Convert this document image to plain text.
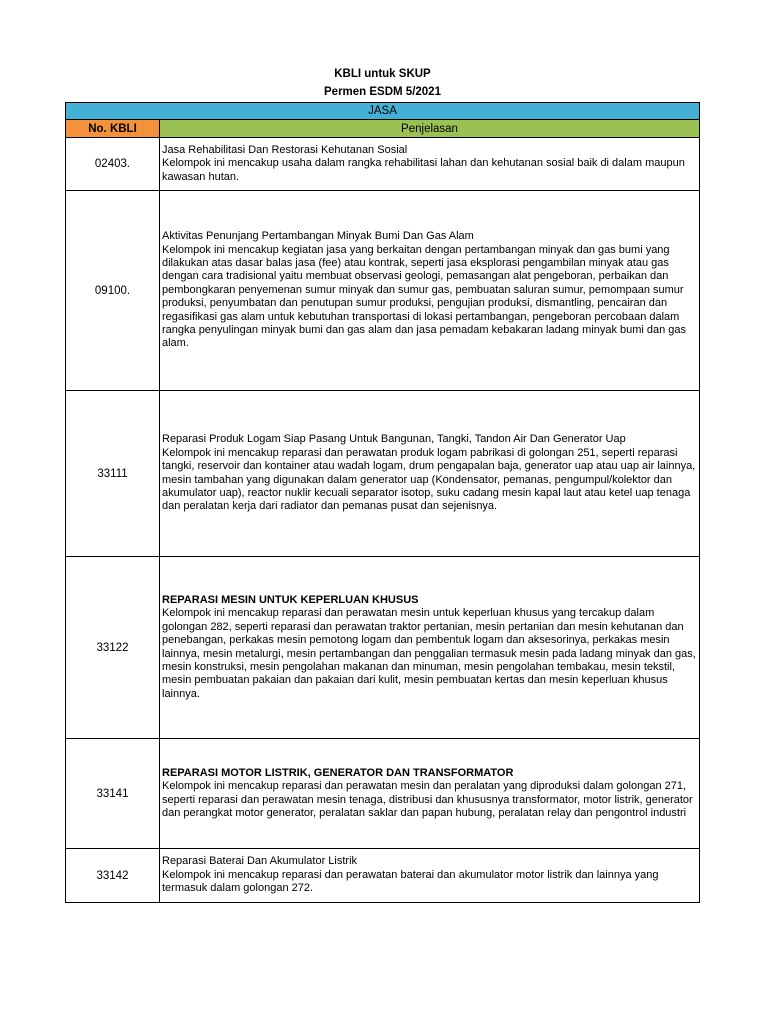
KBLI untuk SKUP
Permen ESDM 5/2021
JASA	
No. KBLI	Penjelasan
02403.	Jasa Rehabilitasi Dan Restorasi Kehutanan Sosial
Kelompok ini mencakup usaha dalam rangka rehabilitasi lahan dan kehutanan sosial baik di dalam maupun kawasan hutan.

09100.	Aktivitas Penunjang Pertambangan Minyak Bumi Dan Gas Alam
Kelompok ini mencakup kegiatan jasa yang berkaitan dengan pertambangan minyak dan gas bumi yang dilakukan atas dasar balas jasa (fee) atau kontrak, seperti jasa eksplorasi pengambilan minyak atau gas dengan cara tradisional yaitu membuat observasi geologi, pemasangan alat pengeboran, perbaikan dan pembongkaran penyemenan sumur minyak dan sumur gas, pembuatan saluran sumur, pemompaan sumur produksi, penyumbatan dan penutupan sumur produksi, pengujian produksi, dismantling, pencairan dan regasifikasi gas alam untuk kebutuhan transportasi di lokasi pertambangan, pengeboran percobaan dalam rangka penyulingan minyak bumi dan gas alam dan jasa pemadam kebakaran ladang minyak bumi dan gas alam.

33111	Reparasi Produk Logam Siap Pasang Untuk Bangunan, Tangki, Tandon Air Dan Generator Uap
Kelompok ini mencakup reparasi dan perawatan produk logam pabrikasi di golongan 251, seperti reparasi tangki, reservoir dan kontainer atau wadah logam, drum pengapalan baja, generator uap atau uap air lainnya, mesin tambahan yang digunakan dalam generator uap (Kondensator, pemanas, pengumpul/kolektor dan akumulator uap), reactor nuklir kecuali separator isotop, suku cadang mesin kapal laut atau ketel uap tenaga dan peralatan kerja dari radiator dan pemanas pusat dan sejenisnya.

33122	REPARASI MESIN UNTUK KEPERLUAN KHUSUS
Kelompok ini mencakup reparasi dan perawatan mesin untuk keperluan khusus yang tercakup dalam golongan 282, seperti reparasi dan perawatan traktor pertanian, mesin pertanian dan mesin kehutanan dan penebangan, perkakas mesin pemotong logam dan pembentuk logam dan aksesorinya, perkakas mesin lainnya, mesin metalurgi, mesin pertambangan dan penggalian termasuk mesin pada ladang minyak dan gas, mesin konstruksi, mesin pengolahan makanan dan minuman, mesin pengolahan tembakau, mesin tekstil, mesin pembuatan pakaian dan pakaian dari kulit, mesin pembuatan kertas dan mesin keperluan khusus lainnya.

33141	REPARASI MOTOR LISTRIK, GENERATOR DAN TRANSFORMATOR
Kelompok ini mencakup reparasi dan perawatan mesin dan peralatan yang diproduksi dalam golongan 271, seperti reparasi dan perawatan mesin tenaga, distribusi dan khususnya transformator, motor listrik, generator dan perangkat motor generator, peralatan saklar dan papan hubung, peralatan relay dan pengontrol industri

33142	Reparasi Baterai Dan Akumulator Listrik
Kelompok ini mencakup reparasi dan perawatan baterai dan akumulator motor listrik dan lainnya yang termasuk dalam golongan 272.
